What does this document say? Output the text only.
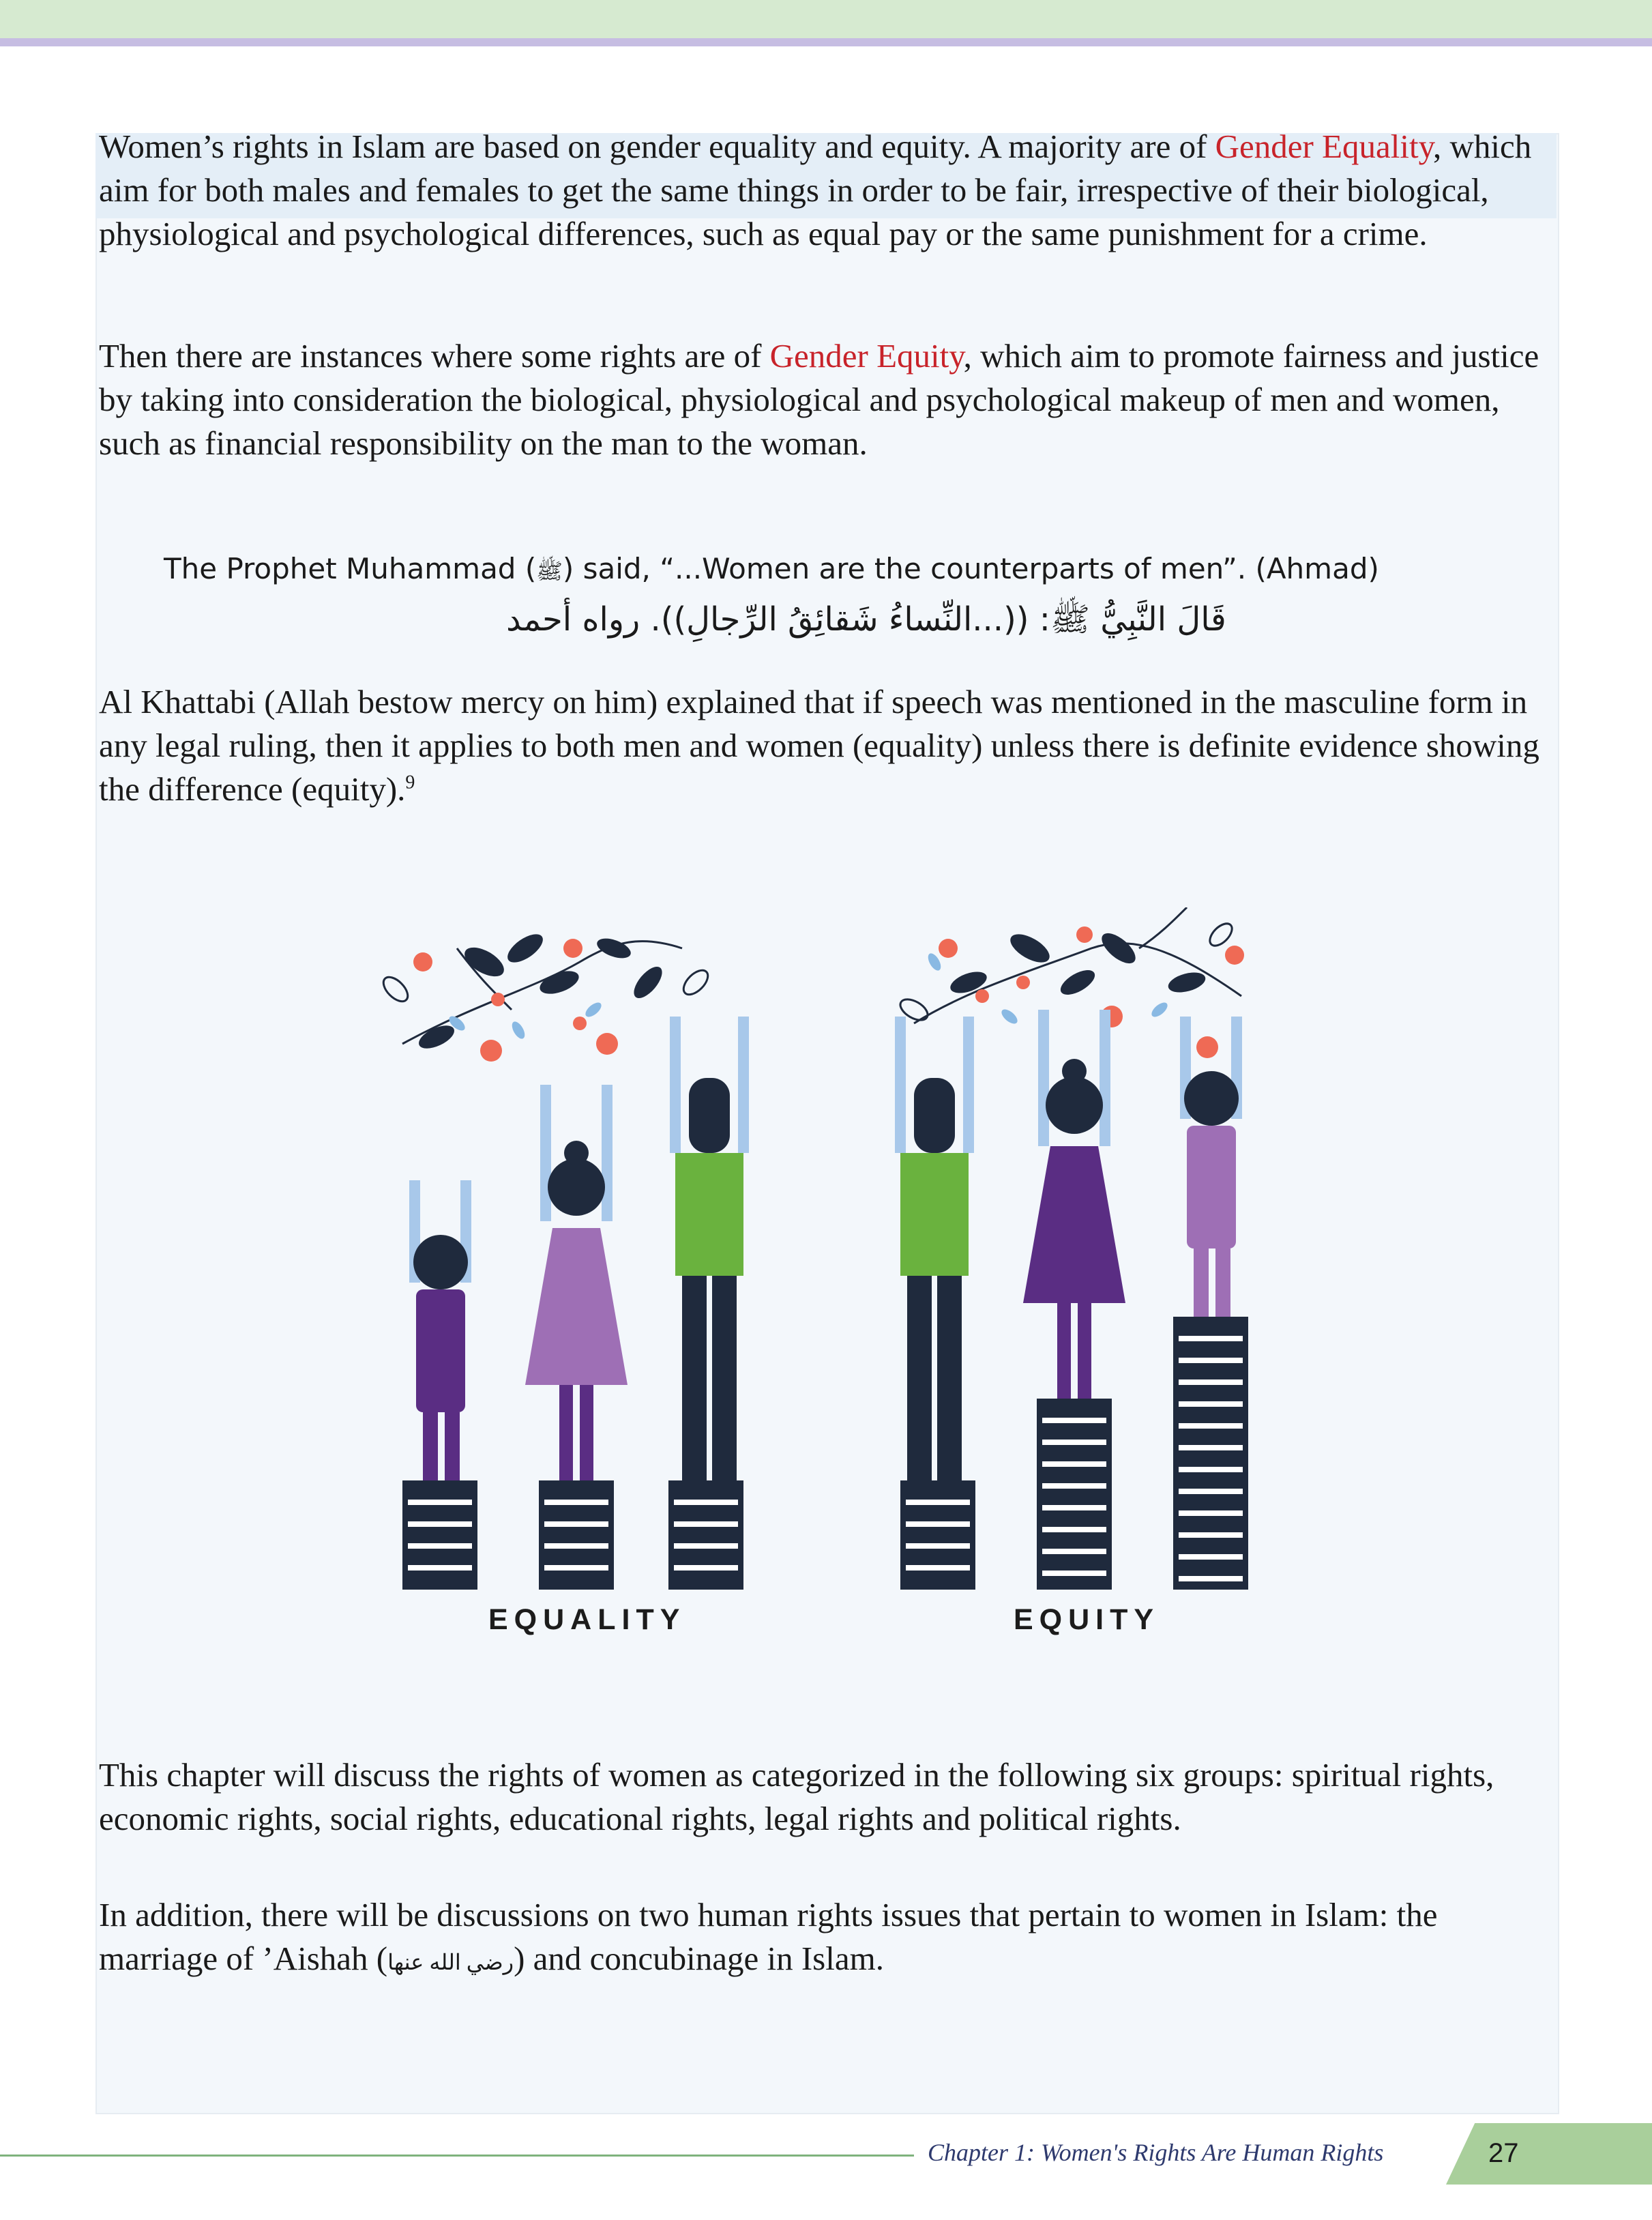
Women’s rights in Islam are based on gender equality and equity. A majority are of Gender Equality, which aim for both males and females to get the same things in order to be fair, irrespective of their biological, physiological and psychological differences, such as equal pay or the same punishment for a crime.

Then there are instances where some rights are of Gender Equity, which aim to promote fairness and justice by taking into consideration the biological, physiological and psychological makeup of men and women, such as financial responsibility on the man to the woman.

The Prophet Muhammad (ﷺ) said, “...Women are the counterparts of men”. (Ahmad)
قَالَ النَّبِيُّ ﷺ: ((...النِّساءُ شَقائِقُ الرِّجالِ)). رواه أحمد

Al Khattabi (Allah bestow mercy on him) explained that if speech was mentioned in the masculine form in any legal ruling, then it applies to both men and women (equality) unless there is definite evidence showing the difference (equity).$^9$

EQUALITY	EQUITY

This chapter will discuss the rights of women as categorized in the following six groups: spiritual rights, economic rights, social rights, educational rights, legal rights and political rights.

In addition, there will be discussions on two human rights issues that pertain to women in Islam: the marriage of ’Aishah (رضي الله عنها) and concubinage in Islam.

Chapter 1: Women's Rights Are Human Rights	27
